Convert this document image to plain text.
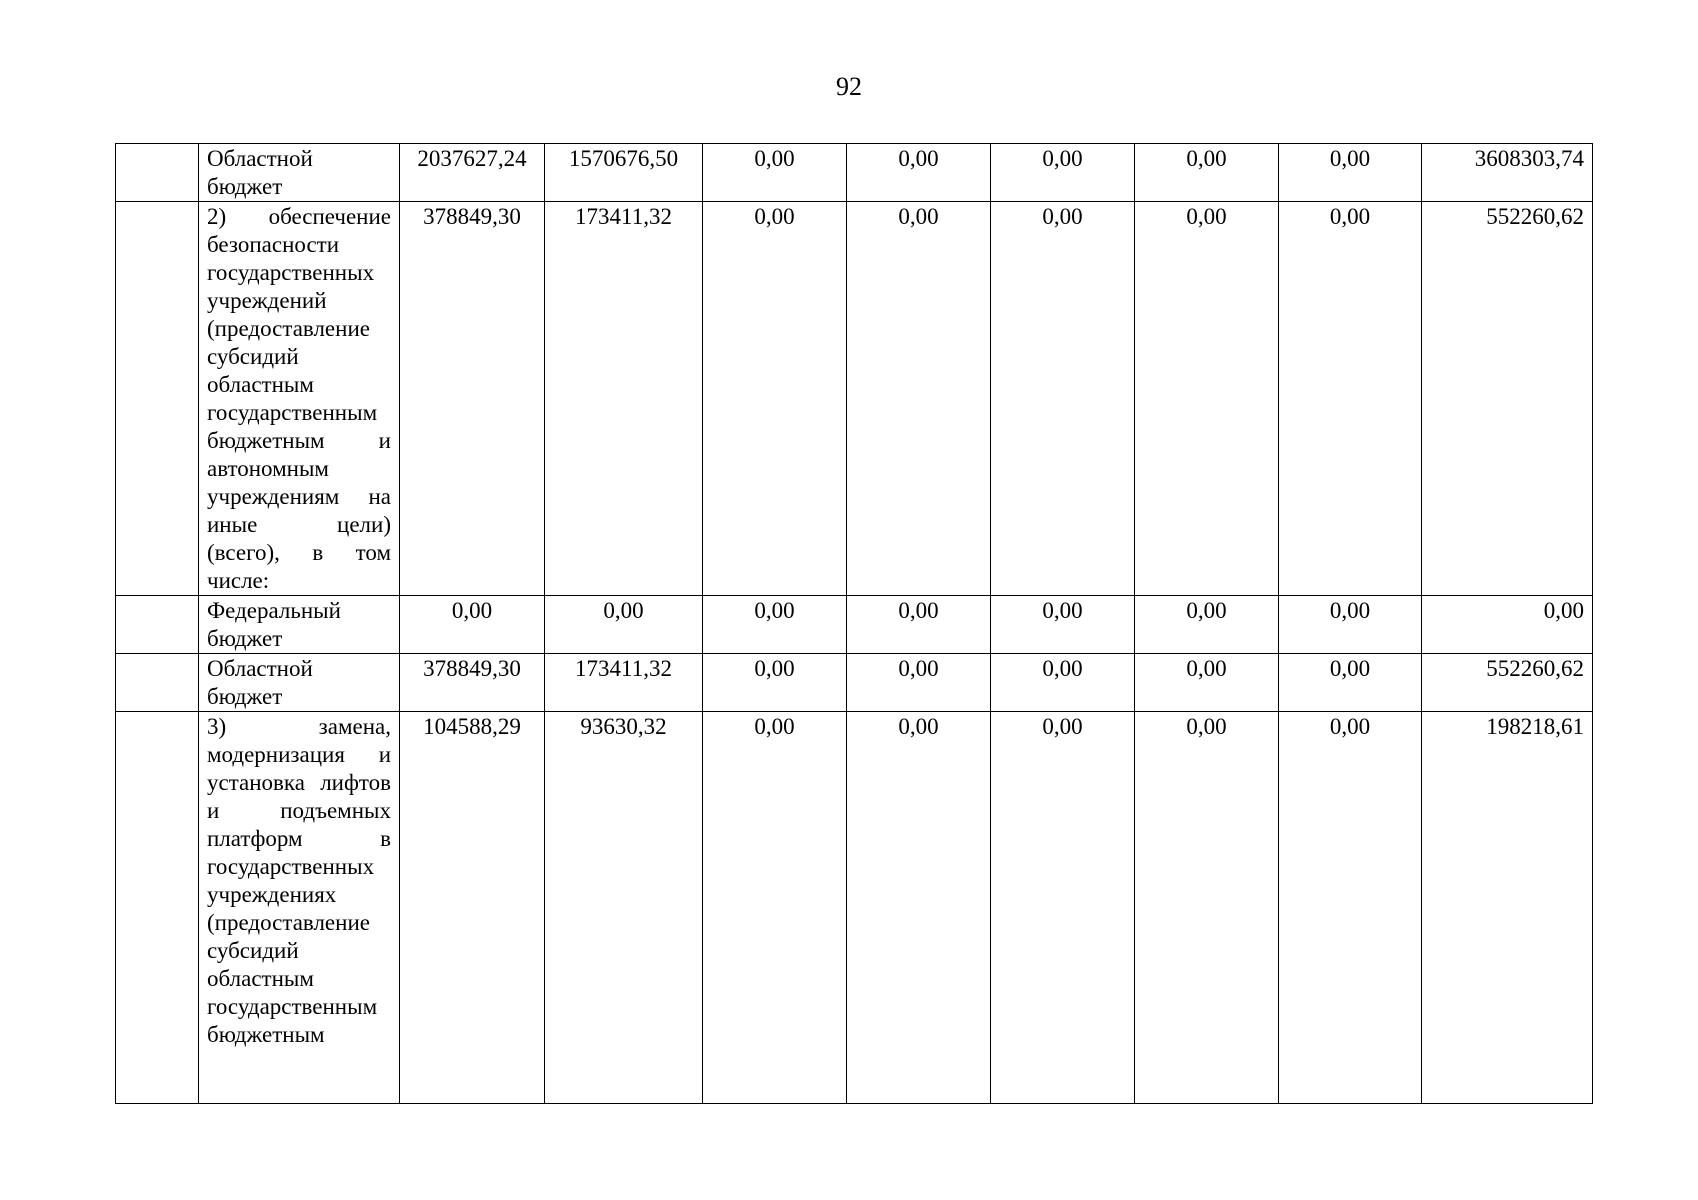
92
	Областной бюджет	2037627,24	1570676,50	0,00	0,00	0,00	0,00	0,00	3608303,74
	2) обеспечение безопасности государственных учреждений (предоставление субсидий областным государственным бюджетным и автономным учреждениям на иные цели) (всего), в том числе:	378849,30	173411,32	0,00	0,00	0,00	0,00	0,00	552260,62
	Федеральный бюджет	0,00	0,00	0,00	0,00	0,00	0,00	0,00	0,00
	Областной бюджет	378849,30	173411,32	0,00	0,00	0,00	0,00	0,00	552260,62
	3) замена, модернизация и установка лифтов и подъемных платформ в государственных учреждениях (предоставление субсидий областным государственным бюджетным	104588,29	93630,32	0,00	0,00	0,00	0,00	0,00	198218,61
